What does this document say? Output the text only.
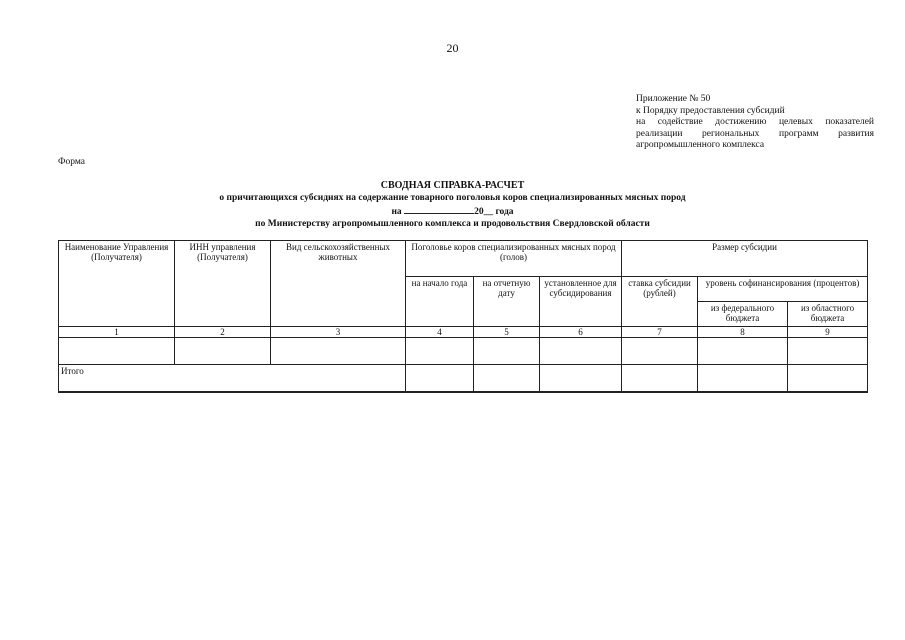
20
Приложение № 50
к Порядку предоставления субсидий
на содействие достижению целевых показателей
реализации региональных программ развития
агропромышленного комплекса
Форма
СВОДНАЯ СПРАВКА-РАСЧЕТ
о причитающихся субсидиях на содержание товарного поголовья коров специализированных мясных пород
на	20__ года
по Министерству агропромышленного комплекса и продовольствия Свердловской области
Наименование Управления (Получателя)	ИНН управления (Получателя)	Вид сельскохозяйственных животных	Поголовье коров специализированных мясных пород (голов)			Размер субсидии		
			на начало года	на отчетную дату	установленное для субсидирования	ставка субсидии (рублей)	уровень софинансирования (процентов)	
							из федерального бюджета	из областного бюджета
1	2	3	4	5	6	7	8	9

Итого								
